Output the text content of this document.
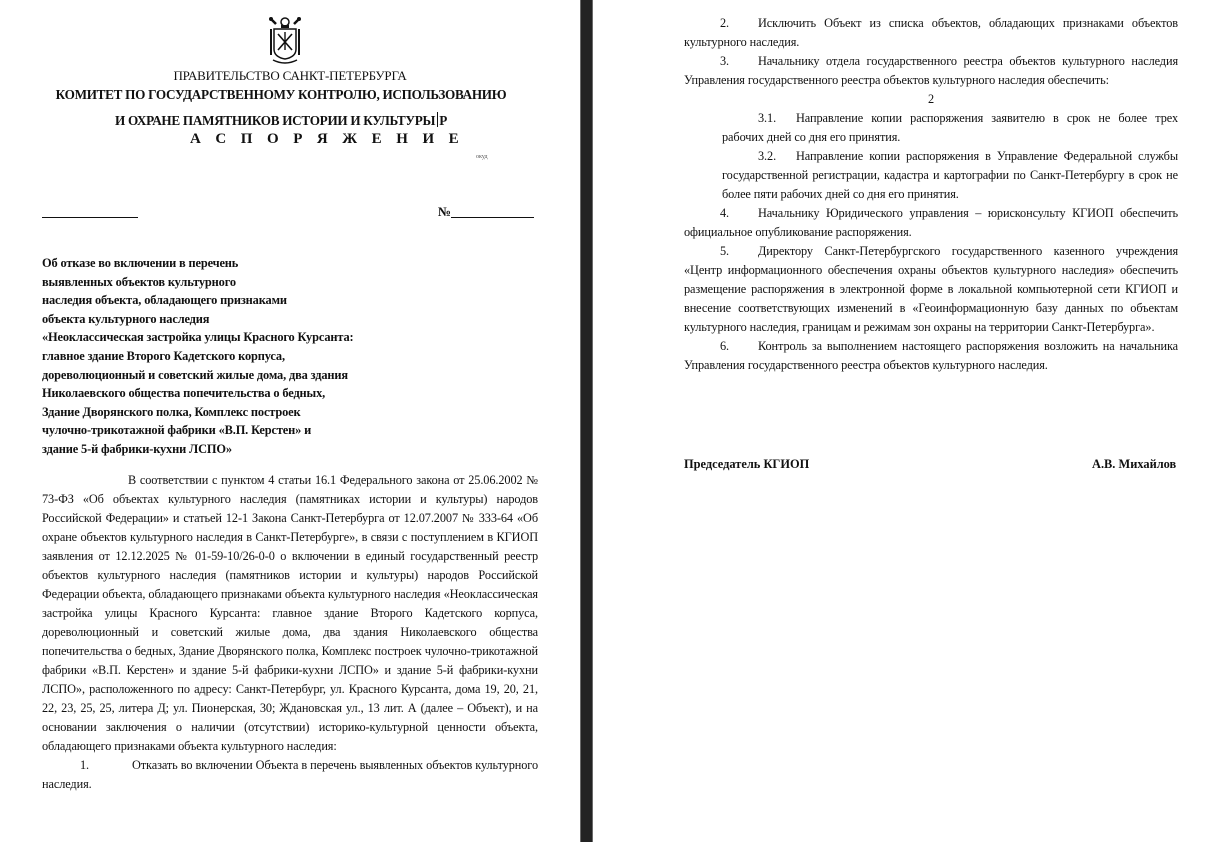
ПРАВИТЕЛЬСТВО САНКТ-ПЕТЕРБУРГА
КОМИТЕТ ПО ГОСУДАРСТВЕННОМУ КОНТРОЛЮ, ИСПОЛЬЗОВАНИЮ
И ОХРАНЕ ПАМЯТНИКОВ ИСТОРИИ И КУЛЬТУРЫ Р
А С П О Р Я Ж Е Н И Е
окуд
№
Об отказе во включении в перечень
выявленных объектов культурного
наследия объекта, обладающего признаками
объекта культурного наследия
«Неоклассическая застройка улицы Красного Курсанта:
главное здание Второго Кадетского корпуса,
дореволюционный и советский жилые дома, два здания
Николаевского общества попечительства о бедных,
Здание Дворянского полка, Комплекс построек
чулочно-трикотажной фабрики «В.П. Керстен» и
здание 5-й фабрики-кухни ЛСПО»

В соответствии с пунктом 4 статьи 16.1 Федерального закона от 25.06.2002 № 73-ФЗ «Об объектах культурного наследия (памятниках истории и культуры) народов Российской Федерации» и статьей 12-1 Закона Санкт-Петербурга от 12.07.2007 № 333-64 «Об охране объектов культурного наследия в Санкт-Петербурге», в связи с поступлением в КГИОП заявления от 12.12.2025 № 01-59-10/26-0-0 о включении в единый государственный реестр объектов культурного наследия (памятников истории и культуры) народов Российской Федерации объекта, обладающего признаками объекта культурного наследия «Неоклассическая застройка улицы Красного Курсанта: главное здание Второго Кадетского корпуса, дореволюционный и советский жилые дома, два здания Николаевского общества попечительства о бедных, Здание Дворянского полка, Комплекс построек чулочно-трикотажной фабрики «В.П. Керстен» и здание 5-й фабрики-кухни ЛСПО» и здание 5-й фабрики-кухни ЛСПО», расположенного по адресу: Санкт-Петербург, ул. Красного Курсанта, дома 19, 20, 21, 22, 23, 25, 25, литера Д; ул. Пионерская, 30; Ждановская ул., 13 лит. А (далее – Объект), и на основании заключения о наличии (отсутствии) историко-культурной ценности объекта, обладающего признаками объекта культурного наследия:

1.	Отказать во включении Объекта в перечень выявленных объектов культурного наследия.

2. Исключить Объект из списка объектов, обладающих признаками объектов культурного наследия.

3. Начальнику отдела государственного реестра объектов культурного наследия Управления государственного реестра объектов культурного наследия обеспечить:

2

3.1. Направление копии распоряжения заявителю в срок не более трех рабочих дней со дня его принятия.

3.2. Направление копии распоряжения в Управление Федеральной службы государственной регистрации, кадастра и картографии по Санкт-Петербургу в срок не более пяти рабочих дней со дня его принятия.

4. Начальнику Юридического управления – юрисконсульту КГИОП обеспечить официальное опубликование распоряжения.

5. Директору Санкт-Петербургского государственного казенного учреждения «Центр информационного обеспечения охраны объектов культурного наследия» обеспечить размещение распоряжения в электронной форме в локальной компьютерной сети КГИОП и внесение соответствующих изменений в «Геоинформационную базу данных по объектам культурного наследия, границам и режимам зон охраны на территории Санкт-Петербурга».

6. Контроль за выполнением настоящего распоряжения возложить на начальника Управления государственного реестра объектов культурного наследия.

Председатель КГИОП	А.В. Михайлов
